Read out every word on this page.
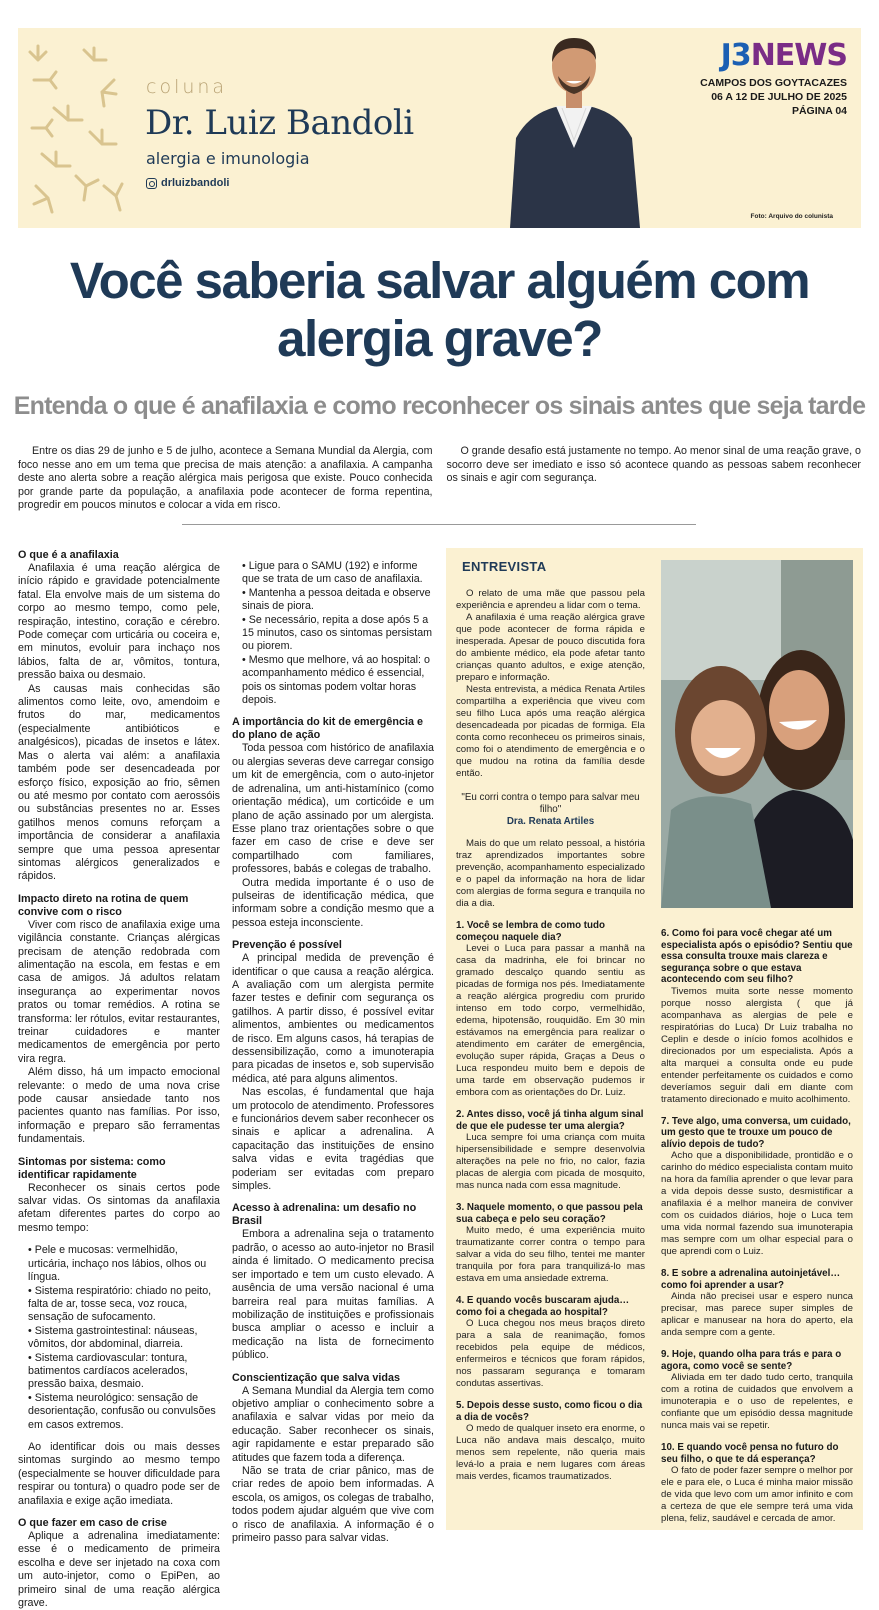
coluna
Dr. Luiz Bandoli
alergia e imunologia
drluizbandoli
J3NEWS
CAMPOS DOS GOYTACAZES
06 A 12 DE JULHO DE 2025
PÁGINA 04
Foto: Arquivo do colunista
Você saberia salvar alguém com alergia grave?
Entenda o que é anafilaxia e como reconhecer os sinais antes que seja tarde

Entre os dias 29 de junho e 5 de julho, acontece a Semana Mundial da Alergia, com foco nesse ano em um tema que precisa de mais atenção: a anafilaxia. A campanha deste ano alerta sobre a reação alérgica mais perigosa que existe. Pouco conhecida por grande parte da população, a anafilaxia pode acontecer de forma repentina, progredir em poucos minutos e colocar a vida em risco.

O grande desafio está justamente no tempo. Ao menor sinal de uma reação grave, o socorro deve ser imediato e isso só acontece quando as pessoas sabem reconhecer os sinais e agir com segurança.

O que é a anafilaxia

Anafilaxia é uma reação alérgica de início rápido e gravidade potencialmente fatal. Ela envolve mais de um sistema do corpo ao mesmo tempo, como pele, respiração, intestino, coração e cérebro. Pode começar com urticária ou coceira e, em minutos, evoluir para inchaço nos lábios, falta de ar, vômitos, tontura, pressão baixa ou desmaio.

As causas mais conhecidas são alimentos como leite, ovo, amendoim e frutos do mar, medicamentos (especialmente antibióticos e analgésicos), picadas de insetos e látex. Mas o alerta vai além: a anafilaxia também pode ser desencadeada por esforço físico, exposição ao frio, sêmen ou até mesmo por contato com aerossóis ou substâncias presentes no ar. Esses gatilhos menos comuns reforçam a importância de considerar a anafilaxia sempre que uma pessoa apresentar sintomas alérgicos generalizados e rápidos.

Impacto direto na rotina de quem convive com o risco

Viver com risco de anafilaxia exige uma vigilância constante. Crianças alérgicas precisam de atenção redobrada com alimentação na escola, em festas e em casa de amigos. Já adultos relatam insegurança ao experimentar novos pratos ou tomar remédios. A rotina se transforma: ler rótulos, evitar restaurantes, treinar cuidadores e manter medicamentos de emergência por perto vira regra.

Além disso, há um impacto emocional relevante: o medo de uma nova crise pode causar ansiedade tanto nos pacientes quanto nas famílias. Por isso, informação e preparo são ferramentas fundamentais.

Sintomas por sistema: como identificar rapidamente

Reconhecer os sinais certos pode salvar vidas. Os sintomas da anafilaxia afetam diferentes partes do corpo ao mesmo tempo:

• Pele e mucosas: vermelhidão, urticária, inchaço nos lábios, olhos ou língua.

• Sistema respiratório: chiado no peito, falta de ar, tosse seca, voz rouca, sensação de sufocamento.

• Sistema gastrointestinal: náuseas, vômitos, dor abdominal, diarreia.

• Sistema cardiovascular: tontura, batimentos cardíacos acelerados, pressão baixa, desmaio.

• Sistema neurológico: sensação de desorientação, confusão ou convulsões em casos extremos.

Ao identificar dois ou mais desses sintomas surgindo ao mesmo tempo (especialmente se houver dificuldade para respirar ou tontura) o quadro pode ser de anafilaxia e exige ação imediata.

O que fazer em caso de crise

Aplique a adrenalina imediatamente: esse é o medicamento de primeira escolha e deve ser injetado na coxa com um auto-injetor, como o EpiPen, ao primeiro sinal de uma reação alérgica grave.

• Ligue para o SAMU (192) e informe que se trata de um caso de anafilaxia.

• Mantenha a pessoa deitada e observe sinais de piora.

• Se necessário, repita a dose após 5 a 15 minutos, caso os sintomas persistam ou piorem.

• Mesmo que melhore, vá ao hospital: o acompanhamento médico é essencial, pois os sintomas podem voltar horas depois.

A importância do kit de emergência e do plano de ação

Toda pessoa com histórico de anafilaxia ou alergias severas deve carregar consigo um kit de emergência, com o auto-injetor de adrenalina, um anti-histamínico (como orientação médica), um corticóide e um plano de ação assinado por um alergista. Esse plano traz orientações sobre o que fazer em caso de crise e deve ser compartilhado com familiares, professores, babás e colegas de trabalho.

Outra medida importante é o uso de pulseiras de identificação médica, que informam sobre a condição mesmo que a pessoa esteja inconsciente.

Prevenção é possível

A principal medida de prevenção é identificar o que causa a reação alérgica. A avaliação com um alergista permite fazer testes e definir com segurança os gatilhos. A partir disso, é possível evitar alimentos, ambientes ou medicamentos de risco. Em alguns casos, há terapias de dessensibilização, como a imunoterapia para picadas de insetos e, sob supervisão médica, até para alguns alimentos.

Nas escolas, é fundamental que haja um protocolo de atendimento. Professores e funcionários devem saber reconhecer os sinais e aplicar a adrenalina. A capacitação das instituições de ensino salva vidas e evita tragédias que poderiam ser evitadas com preparo simples.

Acesso à adrenalina: um desafio no Brasil

Embora a adrenalina seja o tratamento padrão, o acesso ao auto-injetor no Brasil ainda é limitado. O medicamento precisa ser importado e tem um custo elevado. A ausência de uma versão nacional é uma barreira real para muitas famílias. A mobilização de instituições e profissionais busca ampliar o acesso e incluir a medicação na lista de fornecimento público.

Conscientização que salva vidas

A Semana Mundial da Alergia tem como objetivo ampliar o conhecimento sobre a anafilaxia e salvar vidas por meio da educação. Saber reconhecer os sinais, agir rapidamente e estar preparado são atitudes que fazem toda a diferença.

Não se trata de criar pânico, mas de criar redes de apoio bem informadas. A escola, os amigos, os colegas de trabalho, todos podem ajudar alguém que vive com o risco de anafilaxia. A informação é o primeiro passo para salvar vidas.

ENTREVISTA

O relato de uma mãe que passou pela experiência e aprendeu a lidar com o tema.

A anafilaxia é uma reação alérgica grave que pode acontecer de forma rápida e inesperada. Apesar de pouco discutida fora do ambiente médico, ela pode afetar tanto crianças quanto adultos, e exige atenção, preparo e informação.

Nesta entrevista, a médica Renata Artiles compartilha a experiência que viveu com seu filho Luca após uma reação alérgica desencadeada por picadas de formiga. Ela conta como reconheceu os primeiros sinais, como foi o atendimento de emergência e o que mudou na rotina da família desde então.

"Eu corri contra o tempo para salvar meu filho"
Dra. Renata Artiles

Mais do que um relato pessoal, a história traz aprendizados importantes sobre prevenção, acompanhamento especializado e o papel da informação na hora de lidar com alergias de forma segura e tranquila no dia a dia.

1. Você se lembra de como tudo começou naquele dia?

Levei o Luca para passar a manhã na casa da madrinha, ele foi brincar no gramado descalço quando sentiu as picadas de formiga nos pés. Imediatamente a reação alérgica progrediu com prurido intenso em todo corpo, vermelhidão, edema, hipotensão, rouquidão. Em 30 min estávamos na emergência para realizar o atendimento em caráter de emergência, evolução super rápida, Graças a Deus o Luca respondeu muito bem e depois de uma tarde em observação pudemos ir embora com as orientações do Dr. Luiz.

2. Antes disso, você já tinha algum sinal de que ele pudesse ter uma alergia?

Luca sempre foi uma criança com muita hipersensibilidade e sempre desenvolvia alterações na pele no frio, no calor, fazia placas de alergia com picada de mosquito, mas nunca nada com essa magnitude.

3. Naquele momento, o que passou pela sua cabeça e pelo seu coração?

Muito medo, é uma experiência muito traumatizante correr contra o tempo para salvar a vida do seu filho, tentei me manter tranquila por fora para tranquilizá-lo mas estava em uma ansiedade extrema.

4. E quando vocês buscaram ajuda… como foi a chegada ao hospital?

O Luca chegou nos meus braços direto para a sala de reanimação, fomos recebidos pela equipe de médicos, enfermeiros e técnicos que foram rápidos, nos passaram segurança e tomaram condutas assertivas.

5. Depois desse susto, como ficou o dia a dia de vocês?

O medo de qualquer inseto era enorme, o Luca não andava mais descalço, muito menos sem repelente, não queria mais levá-lo a praia e nem lugares com áreas mais verdes, ficamos traumatizados.

6. Como foi para você chegar até um especialista após o episódio? Sentiu que essa consulta trouxe mais clareza e segurança sobre o que estava acontecendo com seu filho?

Tivemos muita sorte nesse momento porque nosso alergista ( que já acompanhava as alergias de pele e respiratórias do Luca) Dr Luiz trabalha no Ceplin e desde o início fomos acolhidos e direcionados por um especialista. Após a alta marquei a consulta onde eu pude entender perfeitamente os cuidados e como deveríamos seguir dali em diante com tratamento direcionado e muito acolhimento.

7. Teve algo, uma conversa, um cuidado, um gesto que te trouxe um pouco de alívio depois de tudo?

Acho que a disponibilidade, prontidão e o carinho do médico especialista contam muito na hora da família aprender o que levar para a vida depois desse susto, desmistificar a anafilaxia é a melhor maneira de conviver com os cuidados diários, hoje o Luca tem uma vida normal fazendo sua imunoterapia mas sempre com um olhar especial para o que aprendi com o Luiz.

8. E sobre a adrenalina autoinjetável… como foi aprender a usar?

Ainda não precisei usar e espero nunca precisar, mas parece super simples de aplicar e manusear na hora do aperto, ela anda sempre com a gente.

9. Hoje, quando olha para trás e para o agora, como você se sente?

Aliviada em ter dado tudo certo, tranquila com a rotina de cuidados que envolvem a imunoterapia e o uso de repelentes, e confiante que um episódio dessa magnitude nunca mais vai se repetir.

10. E quando você pensa no futuro do seu filho, o que te dá esperança?

O fato de poder fazer sempre o melhor por ele e para ele, o Luca é minha maior missão de vida que levo com um amor infinito e com a certeza de que ele sempre terá uma vida plena, feliz, saudável e cercada de amor.
